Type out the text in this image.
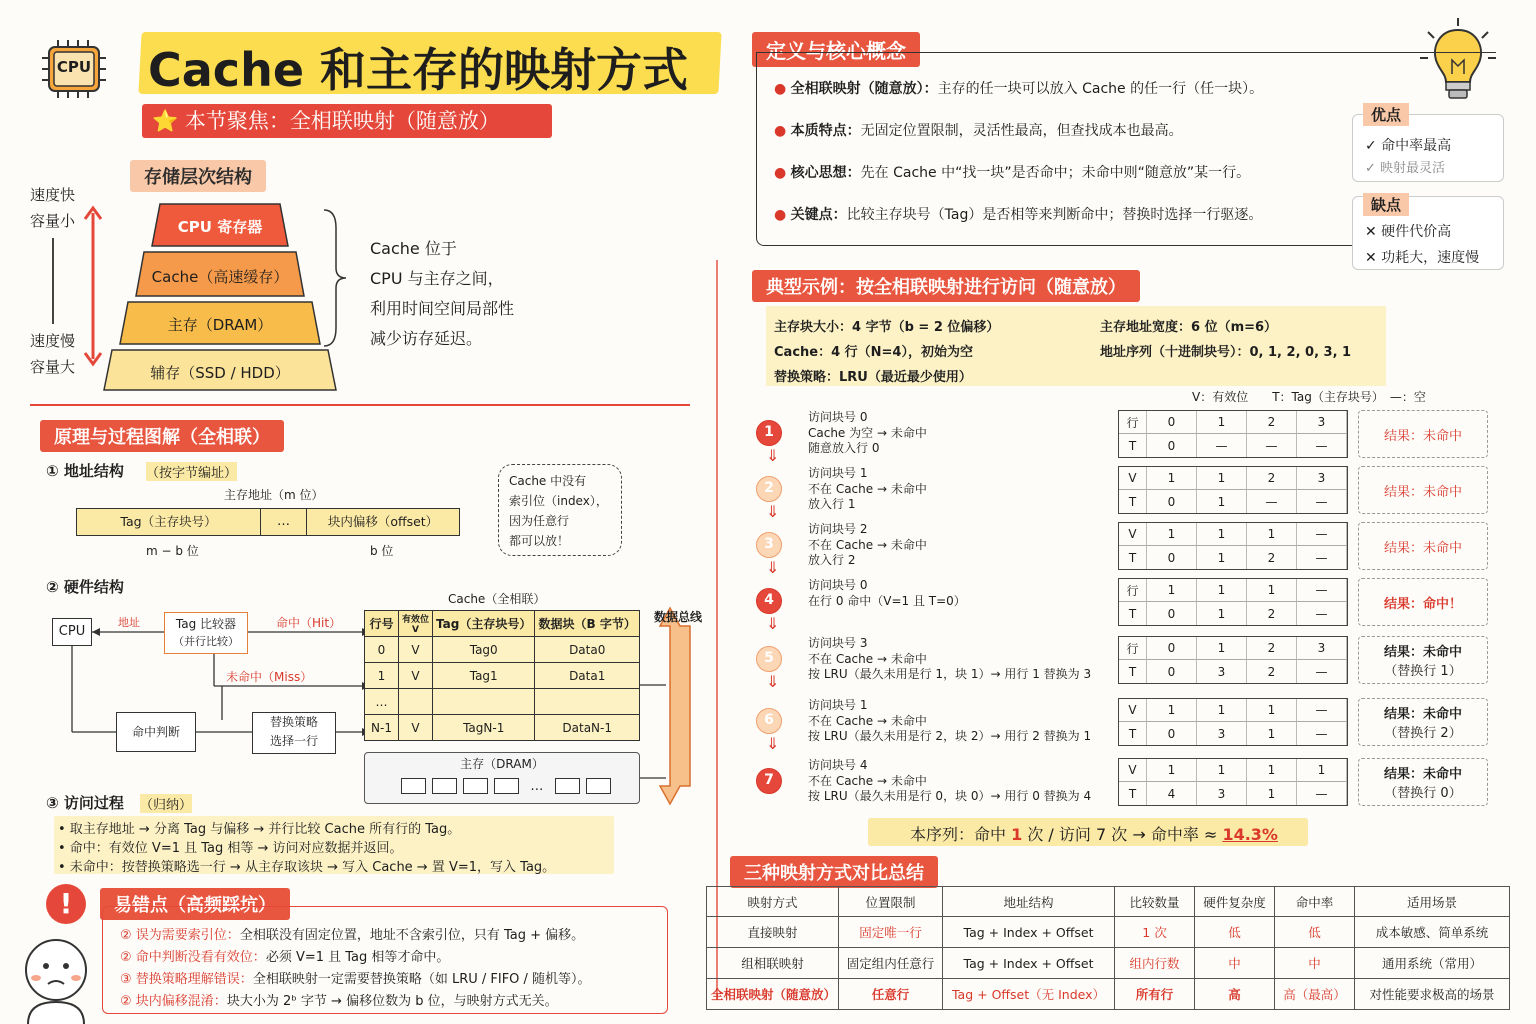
CPU Cache 和主存的映射方式
⭐ 本节聚焦：全相联映射（随意放）
存储层次结构
速度快
容量小
速度慢
容量大
CPU 寄存器
Cache（高速缓存）
主存（DRAM）
辅存（SSD / HDD）
Cache 位于
CPU 与主存之间，
利用时间空间局部性
减少访存延迟。
原理与过程图解（全相联）
① 地址结构 （按字节编址）
主存地址（m 位）
Tag（主存块号）	…	块内偏移（offset）
m − b 位	b 位
Cache 中没有
索引位（index），
因为任意行
都可以放！
② 硬件结构
CPU
地址	Tag 比较器
（并行比较）
命中（Hit）
未命中（Miss）
命中判断
替换策略
选择一行
Cache（全相联）
行号	有效位 V	Tag（主存块号）	数据块（B 字节）
0	V	Tag0	Data0
1	V	Tag1	Data1
…			
N-1	V	TagN-1	DataN-1
数据总线
主存（DRAM）
…
③ 访问过程 （归纳）
• 取主存地址 → 分离 Tag 与偏移 → 并行比较 Cache 所有行的 Tag。
• 命中：有效位 V=1 且 Tag 相等 → 访问对应数据并返回。
• 未命中：按替换策略选一行 → 从主存取该块 → 写入 Cache → 置 V=1，写入 Tag。
!	易错点（高频踩坑）
② 误为需要索引位：全相联没有固定位置，地址不含索引位，只有 Tag + 偏移。
② 命中判断没看有效位：必须 V=1 且 Tag 相等才命中。
③ 替换策略理解错误：全相联映射一定需要替换策略（如 LRU / FIFO / 随机等）。
② 块内偏移混淆：块大小为 2ᵇ 字节 → 偏移位数为 b 位，与映射方式无关。
定义与核心概念
● 全相联映射（随意放）：主存的任一块可以放入 Cache 的任一行（任一块）。
● 本质特点：无固定位置限制，灵活性最高，但查找成本也最高。
● 核心思想：先在 Cache 中“找一块”是否命中；未命中则“随意放”某一行。
● 关键点：比较主存块号（Tag）是否相等来判断命中；替换时选择一行驱逐。
优点
✓ 命中率最高
✓ 映射最灵活
缺点
✕ 硬件代价高
✕ 功耗大，速度慢
典型示例：按全相联映射进行访问（随意放）
主存块大小：4 字节（b = 2 位偏移）
Cache：4 行（N=4），初始为空
替换策略：LRU（最近最少使用）
主存地址宽度：6 位（m=6）
地址序列（十进制块号）：0, 1, 2, 0, 3, 1
V：有效位　　T：Tag（主存块号）　—：空
1
⇓
访问块号 0
Cache 为空 → 未命中
随意放入行 0
行	0	1	2	3
T	0	—	—	—
结果：未命中
2
⇓
访问块号 1
不在 Cache → 未命中
放入行 1
V	1	1	2	3
T	0	1	—	—
结果：未命中
3
⇓
访问块号 2
不在 Cache → 未命中
放入行 2
V	1	1	1	—
T	0	1	2	—
结果：未命中
4
⇓
访问块号 0
在行 0 命中（V=1 且 T=0）
行	1	1	1	—
T	0	1	2	—
结果：命中！
5
⇓
访问块号 3
不在 Cache → 未命中
按 LRU（最久未用是行 1，块 1）→ 用行 1 替换为 3
行	0	1	2	3
T	0	3	2	—
结果：未命中
（替换行 1）
6
⇓
访问块号 1
不在 Cache → 未命中
按 LRU（最久未用是行 2，块 2）→ 用行 2 替换为 1
V	1	1	1	—
T	0	3	1	—
结果：未命中
（替换行 2）
7
访问块号 4
不在 Cache → 未命中
按 LRU（最久未用是行 0，块 0）→ 用行 0 替换为 4
V	1	1	1	1
T	4	3	1	—
结果：未命中
（替换行 0）
本序列：命中 1 次 / 访问 7 次 → 命中率 ≈ 14.3%
三种映射方式对比总结
映射方式	位置限制	地址结构	比较数量	硬件复杂度	命中率	适用场景
直接映射	固定唯一行	Tag + Index + Offset	1 次	低	低	成本敏感、简单系统
组相联映射	固定组内任意行	Tag + Index + Offset	组内行数	中	中	通用系统（常用）
全相联映射（随意放）	任意行	Tag + Offset（无 Index）	所有行	高	高（最高）	对性能要求极高的场景
